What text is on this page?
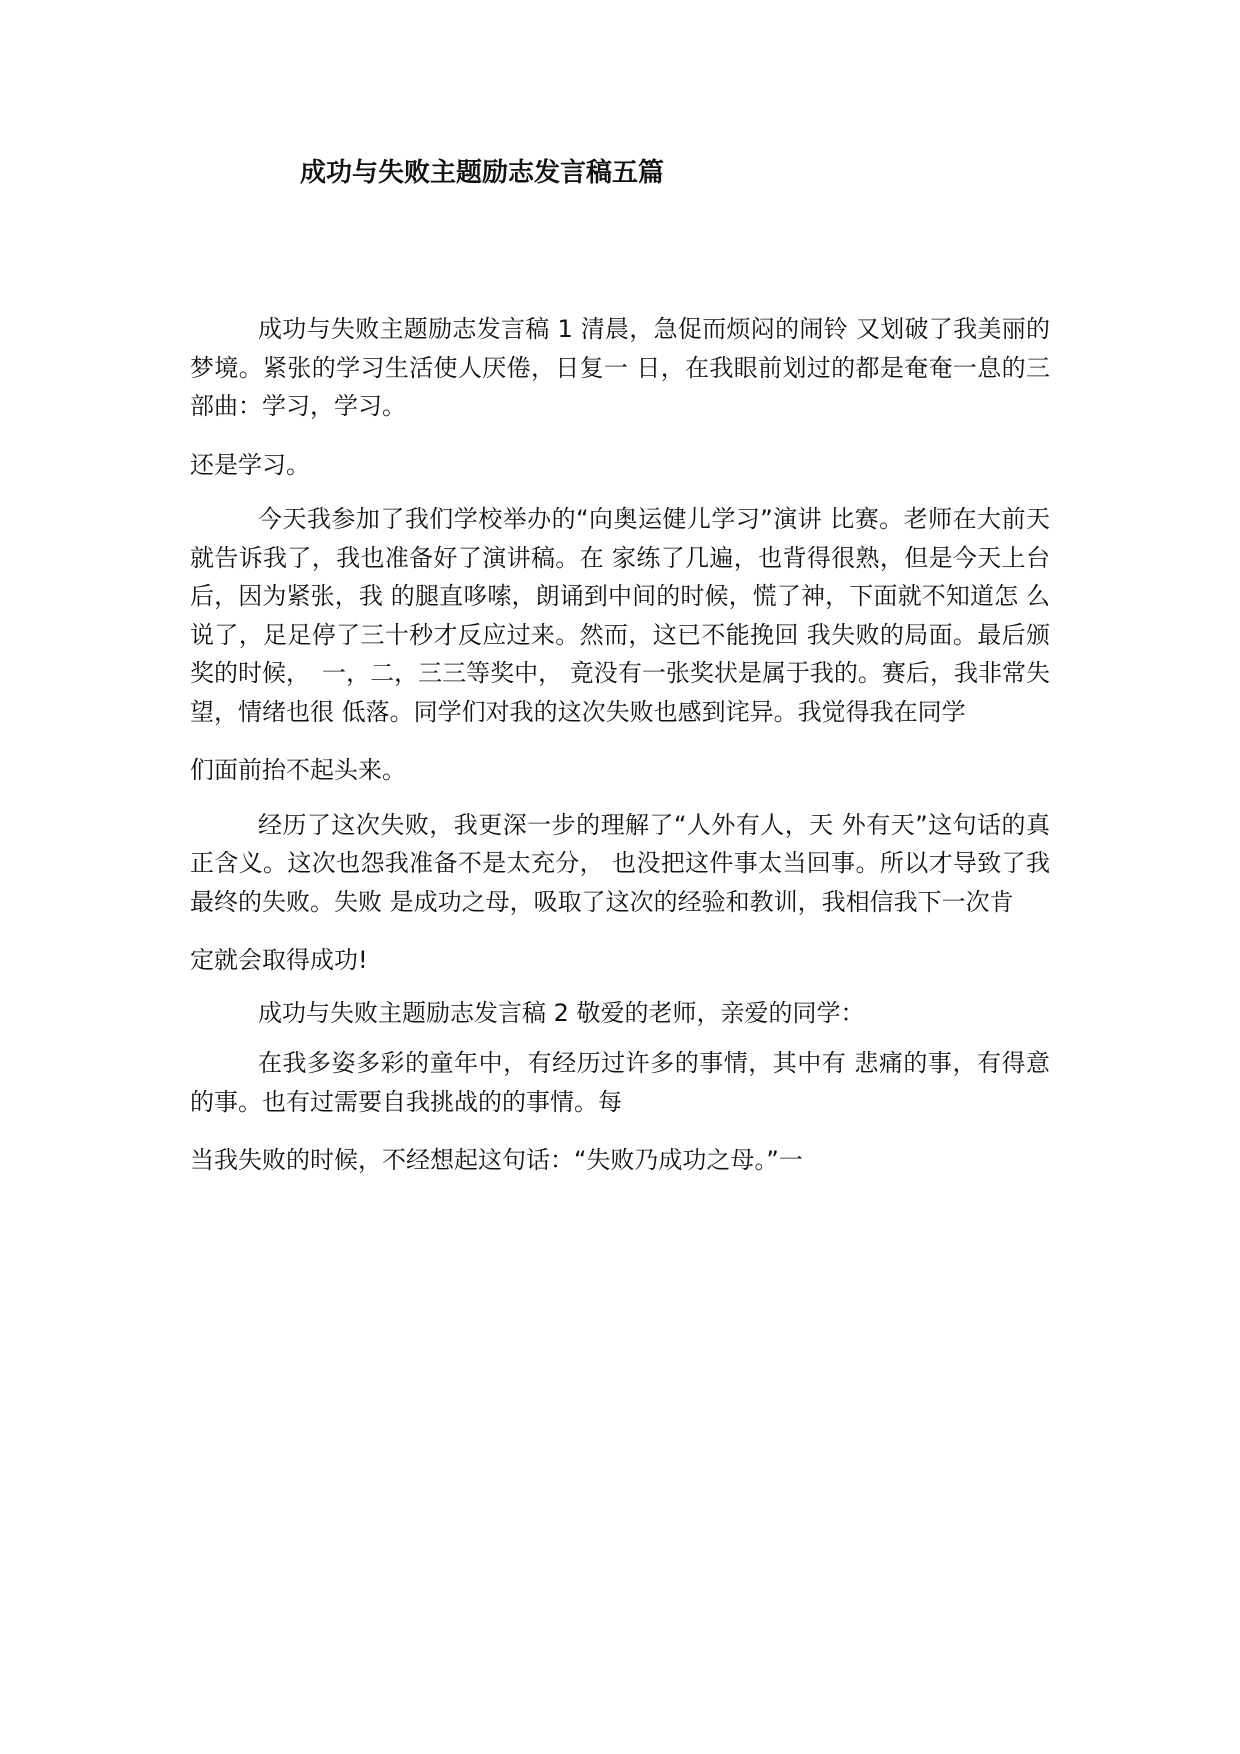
成功与失败主题励志发言稿五篇

成功与失败主题励志发言稿 1 清晨，急促而烦闷的闹铃 又划破了我美丽的梦境。紧张的学习生活使人厌倦，日复一 日，在我眼前划过的都是奄奄一息的三部曲：学习，学习。

还是学习。

今天我参加了我们学校举办的“向奥运健儿学习”演讲 比赛。老师在大前天就告诉我了，我也准备好了演讲稿。在 家练了几遍，也背得很熟，但是今天上台后，因为紧张，我 的腿直哆嗦，朗诵到中间的时候，慌了神，下面就不知道怎 么说了，足足停了三十秒才反应过来。然而，这已不能挽回 我失败的局面。最后颁奖的时候，　一，二，三三等奖中， 竟没有一张奖状是属于我的。赛后，我非常失望，情绪也很 低落。同学们对我的这次失败也感到诧异。我觉得我在同学

们面前抬不起头来。

经历了这次失败，我更深一步的理解了“人外有人，天 外有天”这句话的真正含义。这次也怨我准备不是太充分， 也没把这件事太当回事。所以才导致了我最终的失败。失败 是成功之母，吸取了这次的经验和教训，我相信我下一次肯

定就会取得成功!

成功与失败主题励志发言稿 2 敬爱的老师，亲爱的同学：

在我多姿多彩的童年中，有经历过许多的事情，其中有 悲痛的事，有得意的事。也有过需要自我挑战的的事情。每

当我失败的时候，不经想起这句话：“失败乃成功之母。”一
